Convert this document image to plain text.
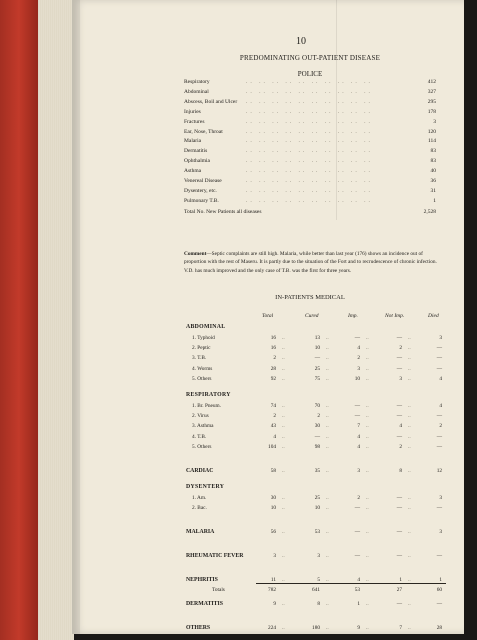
10
PREDOMINATING OUT-PATIENT DISEASE
POLICE
Respiratory	.. .. .. .. .. .. .. .. .. ..	412
Abdominal	.. .. .. .. .. .. .. .. .. ..	327
Abscess, Boil and Ulcer .. .. .. .. .. .. .. .. .. ..	295
Injuries	.. .. .. .. .. .. .. .. .. ..	178
Fractures	.. .. .. .. .. .. .. .. .. ..	3
Ear, Nose, Throat	.. .. .. .. .. .. .. .. .. ..	120
Malaria	.. .. .. .. .. .. .. .. .. ..	114
Dermatitis	.. .. .. .. .. .. .. .. .. ..	83
Ophthalmia	.. .. .. .. .. .. .. .. .. ..	83
Asthma	.. .. .. .. .. .. .. .. .. ..	40
Venereal Disease	.. .. .. .. .. .. .. .. .. ..	36
Dysentery, etc.	.. .. .. .. .. .. .. .. .. ..	31
Pulmonary T.B.	.. .. .. .. .. .. .. .. .. ..	1
Total No. New Patients all diseases	2,528
Comment—Septic complaints are still high. Malaria, while better than last year (176) shows an incidence out of proportion with the rest of Maseru. It is partly due to the situation of the Fort and to recrudescence of chronic infection. V.D. has much improved and the only case of T.B. was the first for three years.
IN-PATIENTS MEDICAL
Total	Cured	Imp.	Not Imp.	Died
ABDOMINAL
1. Typhoid	16 ..	13 ..	— ..	— ..	3
2. Peptic	16 ..	10 ..	4 ..	2 ..	—
3. T.B.	2 ..	— ..	2 ..	— ..	—
4. Worms	28 ..	25 ..	3 ..	— ..	—
5. Others	92 ..	75 ..	10 ..	3 ..	4
RESPIRATORY
1. Br. Pneum.	74 ..	70 ..	— ..	— ..	4
2. Virus	2 ..	2 ..	— ..	— ..	—
3. Asthma	43 ..	30 ..	7 ..	4 ..	2
4. T.B.	4 ..	— ..	4 ..	— ..	—
5. Others	104 ..	98 ..	4 ..	2 ..	—
CARDIAC	58 ..	35 ..	3 ..	8 ..	12
DYSENTERY
1. Am.	30 ..	25 ..	2 ..	— ..	3
2. Bac.	10 ..	10 ..	— ..	— ..	—
MALARIA	56 ..	53 ..	— ..	— ..	3
RHEUMATIC FEVER	3 ..	3 ..	— ..	— ..	—
NEPHRITIS	11 ..	5 ..	4 ..	1 ..	1
DERMATITIS	9 ..	8 ..	1 ..	— ..	—
OTHERS	224 ..	180 ..	9 ..	7 ..	28
Totals	782	641	53	27	60
